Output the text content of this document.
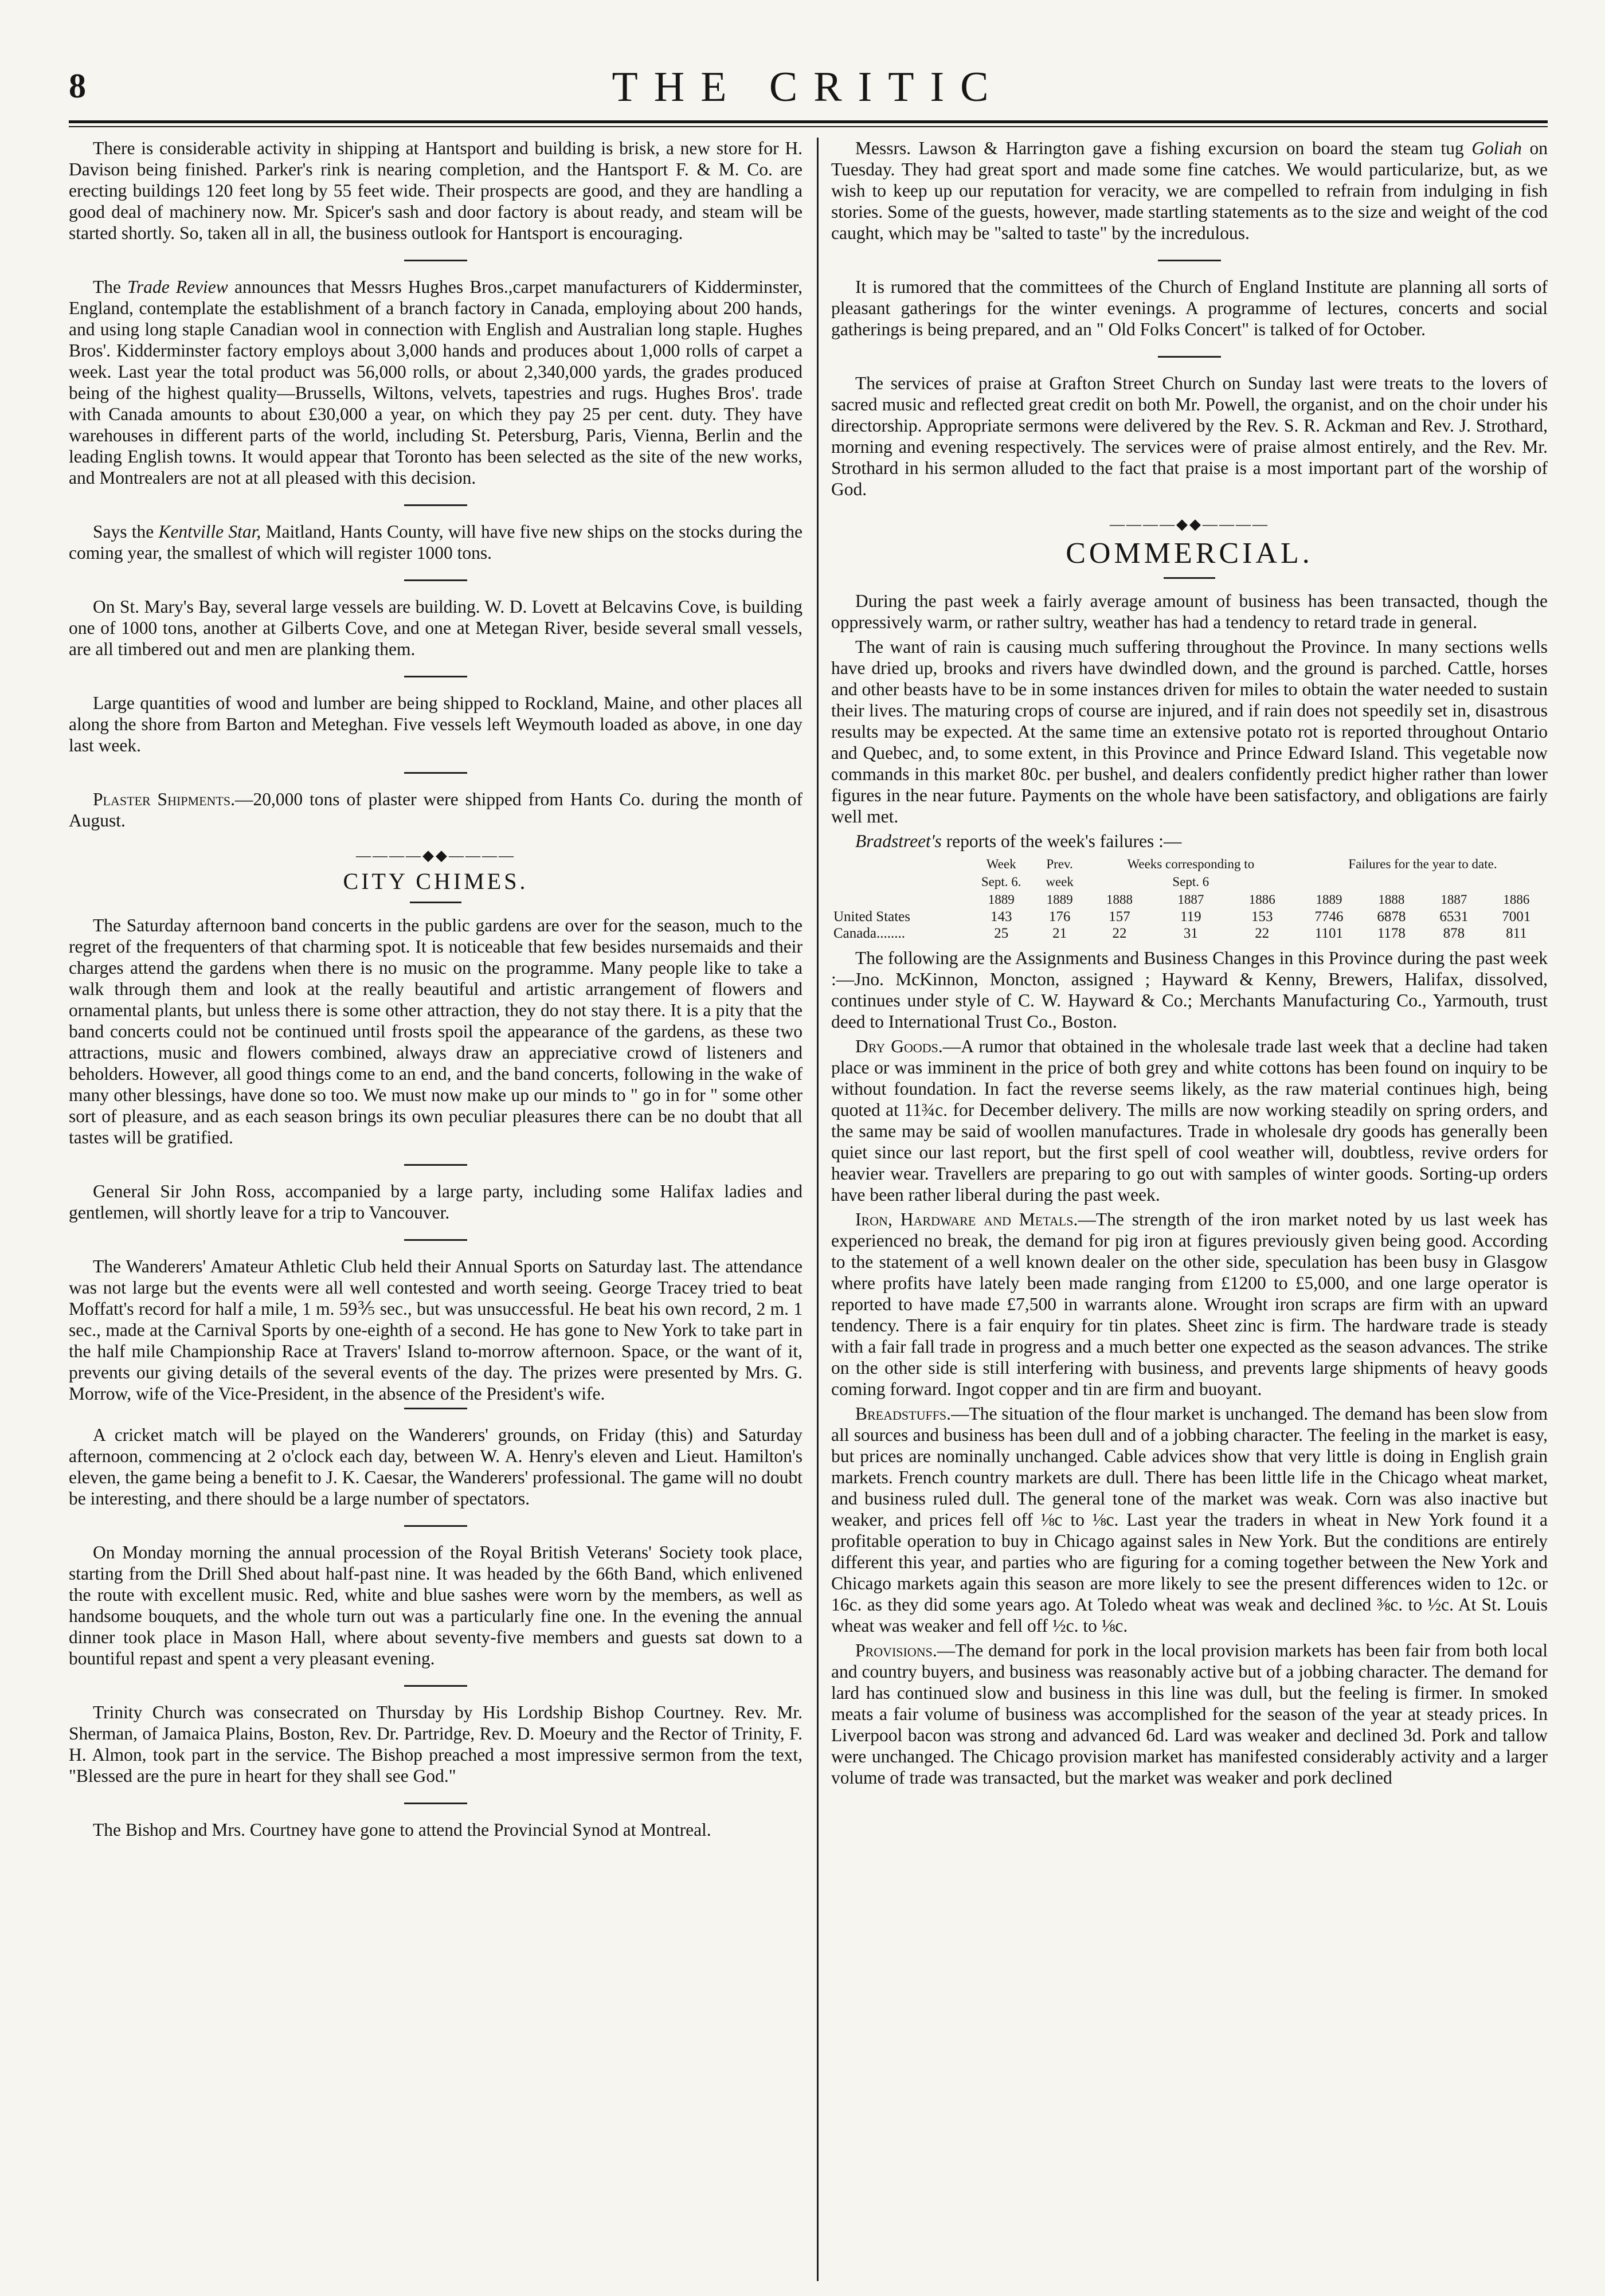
8	THE CRITIC

There is considerable activity in shipping at Hantsport and building is brisk, a new store for H. Davison being finished. Parker's rink is nearing completion, and the Hantsport F. & M. Co. are erecting buildings 120 feet long by 55 feet wide. Their prospects are good, and they are handling a good deal of machinery now. Mr. Spicer's sash and door factory is about ready, and steam will be started shortly. So, taken all in all, the business outlook for Hantsport is encouraging.

The Trade Review announces that Messrs Hughes Bros.,carpet manufacturers of Kidderminster, England, contemplate the establishment of a branch factory in Canada, employing about 200 hands, and using long staple Canadian wool in connection with English and Australian long staple. Hughes Bros'. Kidderminster factory employs about 3,000 hands and produces about 1,000 rolls of carpet a week. Last year the total product was 56,000 rolls, or about 2,340,000 yards, the grades produced being of the highest quality—Brussells, Wiltons, velvets, tapestries and rugs. Hughes Bros'. trade with Canada amounts to about £30,000 a year, on which they pay 25 per cent. duty. They have warehouses in different parts of the world, including St. Petersburg, Paris, Vienna, Berlin and the leading English towns. It would appear that Toronto has been selected as the site of the new works, and Montrealers are not at all pleased with this decision.

Says the Kentville Star, Maitland, Hants County, will have five new ships on the stocks during the coming year, the smallest of which will register 1000 tons.

On St. Mary's Bay, several large vessels are building. W. D. Lovett at Belcavins Cove, is building one of 1000 tons, another at Gilberts Cove, and one at Metegan River, beside several small vessels, are all timbered out and men are planking them.

Large quantities of wood and lumber are being shipped to Rockland, Maine, and other places all along the shore from Barton and Meteghan. Five vessels left Weymouth loaded as above, in one day last week.

Plaster Shipments.—20,000 tons of plaster were shipped from Hants Co. during the month of August.

————◆◆————
CITY CHIMES.

The Saturday afternoon band concerts in the public gardens are over for the season, much to the regret of the frequenters of that charming spot. It is noticeable that few besides nursemaids and their charges attend the gardens when there is no music on the programme. Many people like to take a walk through them and look at the really beautiful and artistic arrangement of flowers and ornamental plants, but unless there is some other attraction, they do not stay there. It is a pity that the band concerts could not be continued until frosts spoil the appearance of the gardens, as these two attractions, music and flowers combined, always draw an appreciative crowd of listeners and beholders. However, all good things come to an end, and the band concerts, following in the wake of many other blessings, have done so too. We must now make up our minds to " go in for " some other sort of pleasure, and as each season brings its own peculiar pleasures there can be no doubt that all tastes will be gratified.

General Sir John Ross, accompanied by a large party, including some Halifax ladies and gentlemen, will shortly leave for a trip to Vancouver.

The Wanderers' Amateur Athletic Club held their Annual Sports on Saturday last. The attendance was not large but the events were all well contested and worth seeing. George Tracey tried to beat Moffatt's record for half a mile, 1 m. 59⅗ sec., but was unsuccessful. He beat his own record, 2 m. 1 sec., made at the Carnival Sports by one-eighth of a second. He has gone to New York to take part in the half mile Championship Race at Travers' Island to-morrow afternoon. Space, or the want of it, prevents our giving details of the several events of the day. The prizes were presented by Mrs. G. Morrow, wife of the Vice-President, in the absence of the President's wife.

A cricket match will be played on the Wanderers' grounds, on Friday (this) and Saturday afternoon, commencing at 2 o'clock each day, between W. A. Henry's eleven and Lieut. Hamilton's eleven, the game being a benefit to J. K. Caesar, the Wanderers' professional. The game will no doubt be interesting, and there should be a large number of spectators.

On Monday morning the annual procession of the Royal British Veterans' Society took place, starting from the Drill Shed about half-past nine. It was headed by the 66th Band, which enlivened the route with excellent music. Red, white and blue sashes were worn by the members, as well as handsome bouquets, and the whole turn out was a particularly fine one. In the evening the annual dinner took place in Mason Hall, where about seventy-five members and guests sat down to a bountiful repast and spent a very pleasant evening.

Trinity Church was consecrated on Thursday by His Lordship Bishop Courtney. Rev. Mr. Sherman, of Jamaica Plains, Boston, Rev. Dr. Partridge, Rev. D. Moeury and the Rector of Trinity, F. H. Almon, took part in the service. The Bishop preached a most impressive sermon from the text, "Blessed are the pure in heart for they shall see God."

The Bishop and Mrs. Courtney have gone to attend the Provincial Synod at Montreal.

Messrs. Lawson & Harrington gave a fishing excursion on board the steam tug Goliah on Tuesday. They had great sport and made some fine catches. We would particularize, but, as we wish to keep up our reputation for veracity, we are compelled to refrain from indulging in fish stories. Some of the guests, however, made startling statements as to the size and weight of the cod caught, which may be "salted to taste" by the incredulous.

It is rumored that the committees of the Church of England Institute are planning all sorts of pleasant gatherings for the winter evenings. A programme of lectures, concerts and social gatherings is being prepared, and an " Old Folks Concert" is talked of for October.

The services of praise at Grafton Street Church on Sunday last were treats to the lovers of sacred music and reflected great credit on both Mr. Powell, the organist, and on the choir under his directorship. Appropriate sermons were delivered by the Rev. S. R. Ackman and Rev. J. Strothard, morning and evening respectively. The services were of praise almost entirely, and the Rev. Mr. Strothard in his sermon alluded to the fact that praise is a most important part of the worship of God.

————◆◆————
COMMERCIAL.

During the past week a fairly average amount of business has been transacted, though the oppressively warm, or rather sultry, weather has had a tendency to retard trade in general.

The want of rain is causing much suffering throughout the Province. In many sections wells have dried up, brooks and rivers have dwindled down, and the ground is parched. Cattle, horses and other beasts have to be in some instances driven for miles to obtain the water needed to sustain their lives. The maturing crops of course are injured, and if rain does not speedily set in, disastrous results may be expected. At the same time an extensive potato rot is reported throughout Ontario and Quebec, and, to some extent, in this Province and Prince Edward Island. This vegetable now commands in this market 80c. per bushel, and dealers confidently predict higher rather than lower figures in the near future. Payments on the whole have been satisfactory, and obligations are fairly well met.

Bradstreet's reports of the week's failures :—

	Week	Prev.	Weeks corresponding to			Failures for the year to date.			
	Sept. 6.	week	Sept. 6						
	1889	1889	1888	1887	1886	1889	1888	1887	1886
United States	143	176	157	119	153	7746	6878	6531	7001
Canada........	25	21	22	31	22	1101	1178	878	811

The following are the Assignments and Business Changes in this Province during the past week :—Jno. McKinnon, Moncton, assigned ; Hayward & Kenny, Brewers, Halifax, dissolved, continues under style of C. W. Hayward & Co.; Merchants Manufacturing Co., Yarmouth, trust deed to International Trust Co., Boston.

Dry Goods.—A rumor that obtained in the wholesale trade last week that a decline had taken place or was imminent in the price of both grey and white cottons has been found on inquiry to be without foundation. In fact the reverse seems likely, as the raw material continues high, being quoted at 11¾c. for December delivery. The mills are now working steadily on spring orders, and the same may be said of woollen manufactures. Trade in wholesale dry goods has generally been quiet since our last report, but the first spell of cool weather will, doubtless, revive orders for heavier wear. Travellers are preparing to go out with samples of winter goods. Sorting-up orders have been rather liberal during the past week.

Iron, Hardware and Metals.—The strength of the iron market noted by us last week has experienced no break, the demand for pig iron at figures previously given being good. According to the statement of a well known dealer on the other side, speculation has been busy in Glasgow where profits have lately been made ranging from £1200 to £5,000, and one large operator is reported to have made £7,500 in warrants alone. Wrought iron scraps are firm with an upward tendency. There is a fair enquiry for tin plates. Sheet zinc is firm. The hardware trade is steady with a fair fall trade in progress and a much better one expected as the season advances. The strike on the other side is still interfering with business, and prevents large shipments of heavy goods coming forward. Ingot copper and tin are firm and buoyant.

Breadstuffs.—The situation of the flour market is unchanged. The demand has been slow from all sources and business has been dull and of a jobbing character. The feeling in the market is easy, but prices are nominally unchanged. Cable advices show that very little is doing in English grain markets. French country markets are dull. There has been little life in the Chicago wheat market, and business ruled dull. The general tone of the market was weak. Corn was also inactive but weaker, and prices fell off ⅛c to ⅛c. Last year the traders in wheat in New York found it a profitable operation to buy in Chicago against sales in New York. But the conditions are entirely different this year, and parties who are figuring for a coming together between the New York and Chicago markets again this season are more likely to see the present differences widen to 12c. or 16c. as they did some years ago. At Toledo wheat was weak and declined ⅜c. to ½c. At St. Louis wheat was weaker and fell off ½c. to ⅛c.

Provisions.—The demand for pork in the local provision markets has been fair from both local and country buyers, and business was reasonably active but of a jobbing character. The demand for lard has continued slow and business in this line was dull, but the feeling is firmer. In smoked meats a fair volume of business was accomplished for the season of the year at steady prices. In Liverpool bacon was strong and advanced 6d. Lard was weaker and declined 3d. Pork and tallow were unchanged. The Chicago provision market has manifested considerably activity and a larger volume of trade was transacted, but the market was weaker and pork declined
